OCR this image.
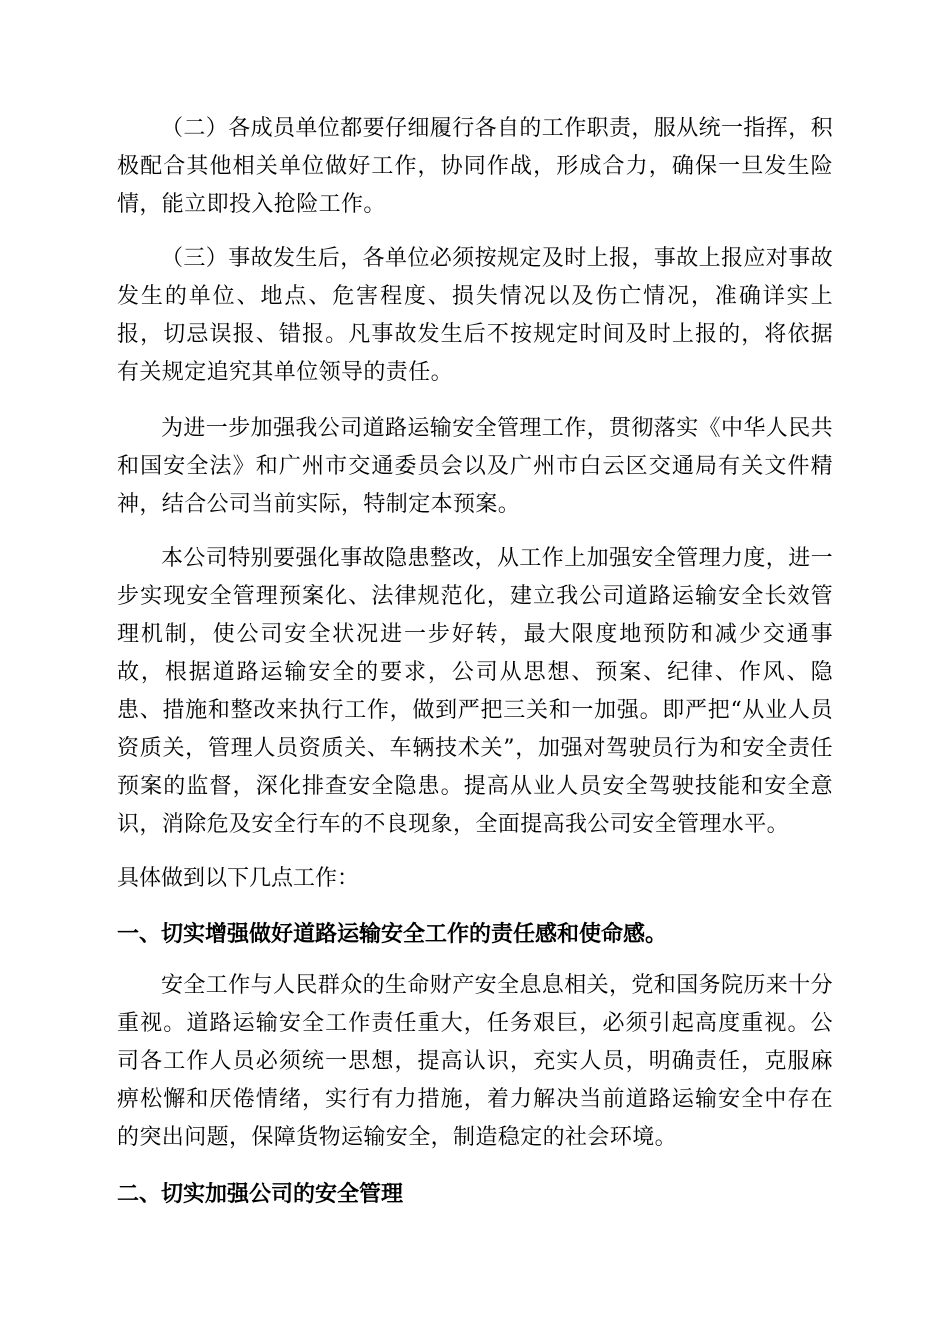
（二）各成员单位都要仔细履行各自的工作职责，服从统一指挥，积极配合其他相关单位做好工作，协同作战，形成合力，确保一旦发生险情，能立即投入抢险工作。

（三）事故发生后，各单位必须按规定及时上报，事故上报应对事故发生的单位、地点、危害程度、损失情况以及伤亡情况，准确详实上报，切忌误报、错报。凡事故发生后不按规定时间及时上报的，将依据有关规定追究其单位领导的责任。

为进一步加强我公司道路运输安全管理工作，贯彻落实《中华人民共和国安全法》和广州市交通委员会以及广州市白云区交通局有关文件精神，结合公司当前实际，特制定本预案。

本公司特别要强化事故隐患整改，从工作上加强安全管理力度，进一步实现安全管理预案化、法律规范化，建立我公司道路运输安全长效管理机制，使公司安全状况进一步好转，最大限度地预防和减少交通事故，根据道路运输安全的要求，公司从思想、预案、纪律、作风、隐患、措施和整改来执行工作，做到严把三关和一加强。即严把“从业人员资质关，管理人员资质关、车辆技术关”，加强对驾驶员行为和安全责任预案的监督，深化排查安全隐患。提高从业人员安全驾驶技能和安全意识，消除危及安全行车的不良现象，全面提高我公司安全管理水平。

具体做到以下几点工作：

一、切实增强做好道路运输安全工作的责任感和使命感。

安全工作与人民群众的生命财产安全息息相关，党和国务院历来十分重视。道路运输安全工作责任重大，任务艰巨，必须引起高度重视。公司各工作人员必须统一思想，提高认识，充实人员，明确责任，克服麻痹松懈和厌倦情绪，实行有力措施，着力解决当前道路运输安全中存在的突出问题，保障货物运输安全，制造稳定的社会环境。

二、切实加强公司的安全管理
